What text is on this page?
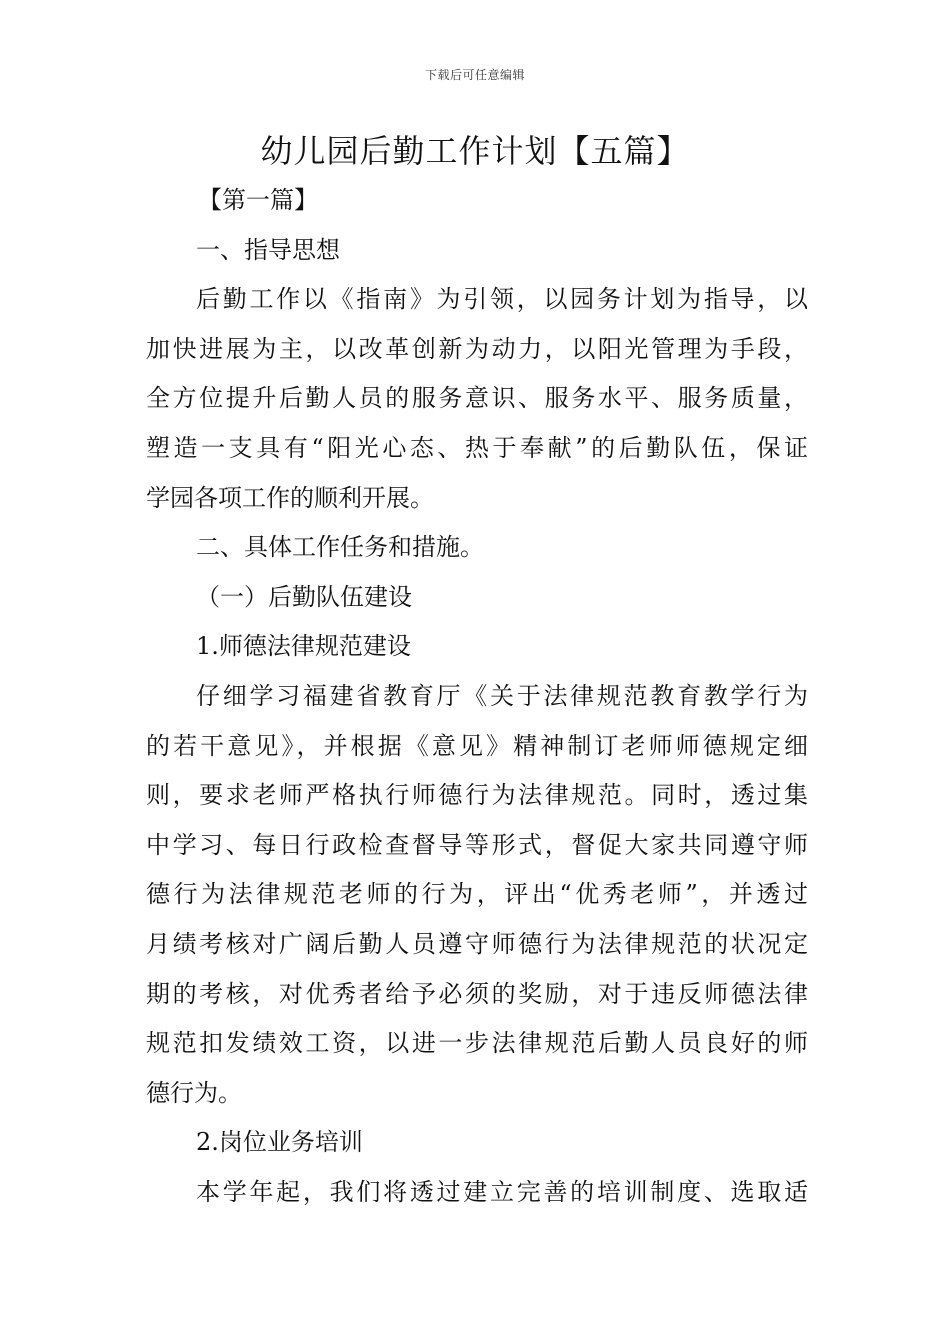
下载后可任意编辑
幼儿园后勤工作计划【五篇】
【第一篇】
一、指导思想
后勤工作以《指南》为引领，以园务计划为指导，以
加快进展为主，以改革创新为动力，以阳光管理为手段，
全方位提升后勤人员的服务意识、服务水平、服务质量，
塑造一支具有“阳光心态、热于奉献”的后勤队伍，保证
学园各项工作的顺利开展。
二、具体工作任务和措施。
（一）后勤队伍建设
1.师德法律规范建设
仔细学习福建省教育厅《关于法律规范教育教学行为
的若干意见》，并根据《意见》精神制订老师师德规定细
则，要求老师严格执行师德行为法律规范。同时，透过集
中学习、每日行政检查督导等形式，督促大家共同遵守师
德行为法律规范老师的行为，评出“优秀老师”，并透过
月绩考核对广阔后勤人员遵守师德行为法律规范的状况定
期的考核，对优秀者给予必须的奖励，对于违反师德法律
规范扣发绩效工资，以进一步法律规范后勤人员良好的师
德行为。
2.岗位业务培训
本学年起，我们将透过建立完善的培训制度、选取适
